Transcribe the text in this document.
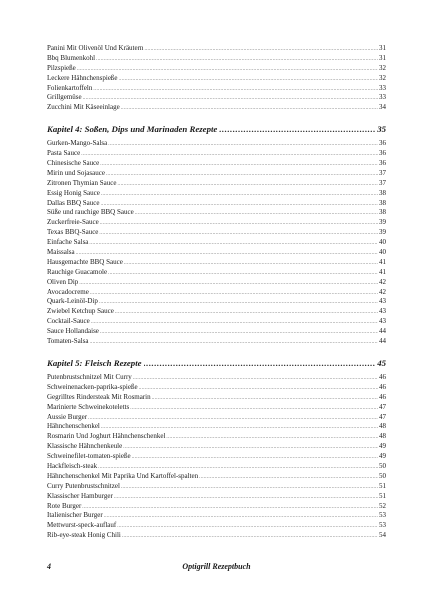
Panini Mit Olivenöl Und Kräutern .....	31
Bbq Blumenkohl .....	31
Pilzspieße .....	32
Leckere Hähnchenspieße .....	32
Folienkartoffeln .....	33
Grillgemüse .....	33
Zucchini Mit Käseeinlage .....	34
Kapitel 4: Soßen, Dips und Marinaden Rezepte .....	35
Gurken-Mango-Salsa .....	36
Pasta Sauce .....	36
Chinesische Sauce .....	36
Mirin und Sojasauce .....	37
Zitronen Thymian Sauce .....	37
Essig Honig Sauce .....	38
Dallas BBQ Sauce .....	38
Süße und rauchige BBQ Sauce .....	38
Zuckerfreie-Sauce .....	39
Texas BBQ-Sauce .....	39
Einfache Salsa .....	40
Maissalsa .....	40
Hausgemachte BBQ Sauce .....	41
Rauchige Guacamole .....	41
Oliven Dip .....	42
Avocadocreme .....	42
Quark-Leinöl-Dip .....	43
Zwiebel Ketchup Sauce .....	43
Cocktail-Sauce .....	43
Sauce Hollandaise .....	44
Tomaten-Salsa .....	44
Kapitel 5: Fleisch Rezepte .....	45
Putenbrustschnitzel Mit Curry .....	46
Schweinenacken-paprika-spieße .....	46
Gegrilltes Rindersteak Mit Rosmarin .....	46
Marinierte Schweinekoteletts .....	47
Aussie Burger .....	47
Hähnchenschenkel .....	48
Rosmarin Und Joghurt Hähnchenschenkel .....	48
Klassische Hähnchenkeule .....	49
Schweinefilet-tomaten-spieße .....	49
Hackfleisch-steak .....	50
Hähnchenschenkel Mit Paprika Und Kartoffel-spalten .....	50
Curry Putenbrustschnitzel .....	51
Klassischer Hamburger .....	51
Rote Burger .....	52
Italienischer Burger .....	53
Mettwurst-speck-auflauf .....	53
Rib-eye-steak Honig Chili .....	54
4	Optigrill Rezeptbuch
